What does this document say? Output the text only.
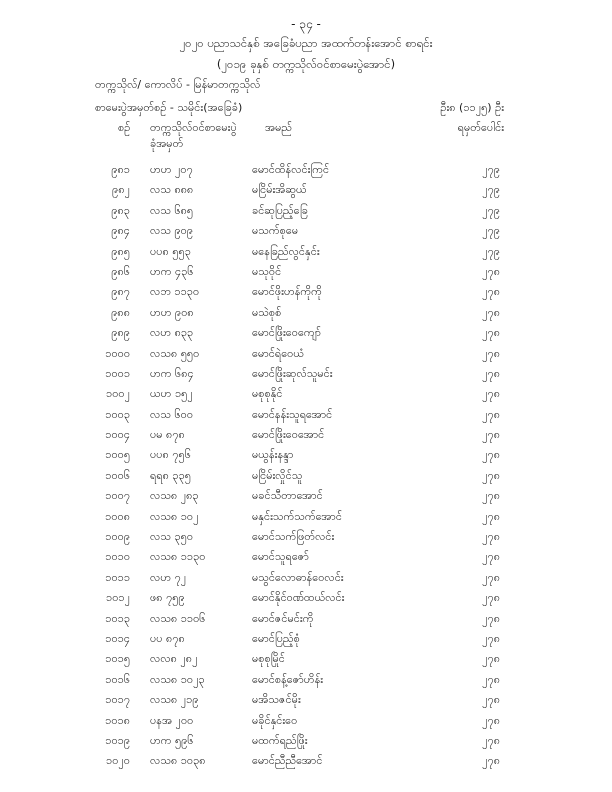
- ၃၄ -
၂၀၂၀ ပညာသင်နှစ် အခြေခံပညာ အထက်တန်းအောင် စာရင်း
(၂၀၁၉ ခုနှစ် တက္ကသိုလ်ဝင်စာမေးပွဲအောင်)
တက္ကသိုလ်/ ကောလိပ် - မြန်မာတက္ကသိုလ်
စာမေးပွဲအမှတ်စဉ် - သမိုင်း(အခြေခံ)	ဦး၈ (၁၁၂၅) ဦး
စဉ် တက္ကသိုလ်ဝင်စာမေးပွဲ	အမည်	ရမှတ်ပေါင်း
ခုံအမှတ်
၉၈၁ ဟဟ ၂၀၇	မောင်ထိန်လင်းကြင်	၂၇၉
၉၈၂ လသ ၈၈၈	မငြိမ်းအိဆွယ်	၂၇၉
၉၈၃ လသ ၆၈၅	ခင်ဆုပြည့်ခြေ	၂၇၉
၉၈၄ လသ ၉၀၉	မသက်စုမေ	၂၇၉
၉၈၅ ပပ၈ ၅၅၃	မနေခြည်လွင်နှင်း	၂၇၉
၉၈၆ ဟက ၄၃၆	မသုဝိုင်	၂၇၈
၉၈၇ လဘ ၁၁၃၀	မောင်ဖိုးဟန်ကိုကို	၂၇၈
၉၈၈ ဟဟ ၉၀၈	မသဲစုစ်	၂၇၈
၉၈၉ လဟ ၈၃၃	မောင်ဖြိုးဝေကျော်	၂၇၈
၁၀၀၀ လသ၈ ၅၅၀	မောင်ရဲဝေယံ	၂၇၈
၁၀၀၁ ဟက ၆၈၄	မောင်ဖြိုးဆုလ်သူမင်း	၂၇၈
၁၀၀၂ ယဟ ၁၅၂	မစုစုနိုင်	၂၇၈
၁၀၀၃ လသ ၆၀၀	မောင်နန်းသူရအောင်	၂၇၈
၁၀၀၄ ပမ ၈၇၈	မောင်ဖြိုးဝေအောင်	၂၇၈
၁၀၀၅ ပပ၈ ၇၅၆	မယွန်းနန္ဒာ	၂၇၈
၁၀၀၆ ရရ၈ ၃၃၅	မငြိမ်းလှိုင်သူ	၂၇၈
၁၀၀၇ လသ၈ ၂၈၃	မခင်သီတာအောင်	၂၇၈
၁၀၀၈ လသ၈ ၁၀၂	မနှင်းသက်သက်အောင်	၂၇၈
၁၀၀၉ လသ ၃၅၀	မောင်သက်ဖြတ်လင်း	၂၇၈
၁၀၁၀ လသ၈ ၁၁၃၀	မောင်သူရဇော်	၂၇၈
၁၀၁၁ လဟ ၇၂	မသွင်လောဓာန်ဝေလင်း	၂၇၈
၁၀၁၂ ဖ၈ ၇၅၉	မောင်နိုင်ဝဏ်ထယ်လင်း	၂၇၈
၁၀၁၃ လသ၈ ၁၁၀၆	မောင်ဇင်မင်းကို	၂၇၈
၁၀၁၄ ပပ ၈၇၈	မောင်ပြည့်စုံ	၂၇၈
၁၀၁၅ လလ၈ ၂၈၂	မစုစုမြိုင်	၂၇၈
၁၀၁၆ လသ၈ ၁၀၂၃	မောင်စန့်ဇော်ဟိန်း	၂၇၈
၁၀၁၇ လသ၈ ၂၁၉	မအိသဇင်မိုး	၂၇၈
၁၀၁၈ ပနအ ၂၀၀	မခိုင်နှင်းဝေ	၂၇၈
၁၀၁၉ ဟက ၅၉၆	မထက်ရည်ဖြိုး	၂၇၈
၁၀၂၀ လသ၈ ၁၀၃၈	မောင်ညီညီအောင်	၂၇၈
